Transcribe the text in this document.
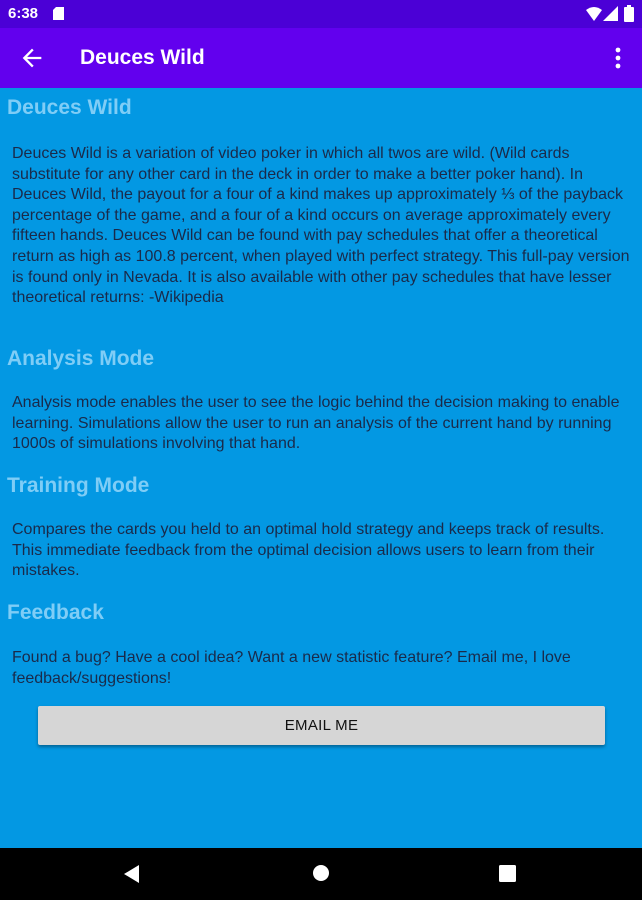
6:38
Deuces Wild
Deuces Wild
Deuces Wild is a variation of video poker in which all twos are wild. (Wild cards substitute for any other card in the deck in order to make a better poker hand). In Deuces Wild, the payout for a four of a kind makes up approximately ⅓ of the payback percentage of the game, and a four of a kind occurs on average approximately every fifteen hands. Deuces Wild can be found with pay schedules that offer a theoretical return as high as 100.8 percent, when played with perfect strategy. This full-pay version is found only in Nevada. It is also available with other pay schedules that have lesser theoretical returns: -Wikipedia
Analysis Mode
Analysis mode enables the user to see the logic behind the decision making to enable learning. Simulations allow the user to run an analysis of the current hand by running 1000s of simulations involving that hand.
Training Mode
Compares the cards you held to an optimal hold strategy and keeps track of results. This immediate feedback from the optimal decision allows users to learn from their mistakes.
Feedback
Found a bug? Have a cool idea? Want a new statistic feature? Email me, I love feedback/suggestions!
EMAIL ME
